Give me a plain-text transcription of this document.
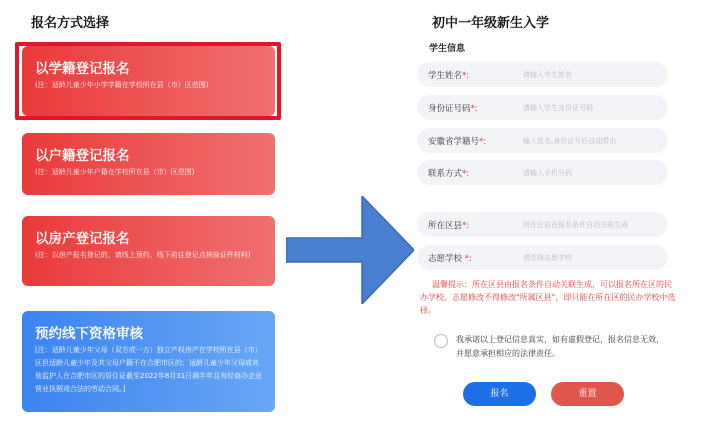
报名方式选择
以学籍登记报名
(注：适龄儿童少年小学学籍在学校所在县（市）区范围)
以户籍登记报名
(注：适龄儿童少年户籍在学校所在县（市）区范围)
以房产登记报名
(注：以房产报名登记的，请线上预约，线下前往登记点核验证件材料)
预约线下资格审核
[注：适龄儿童少年父母（双方或一方）独立产权房产在学校所在县（市）区但适龄儿童少年及其父母户籍不在合肥市区的；适龄儿童少年父母或其他监护人在合肥市区的居住证截至2022年8月31日满半年且有经商办企业营业执照或合法的劳动合同。]
初中一年级新生入学
学生信息
学生姓名*:	请输入学生姓名
身份证号码*:	请输入学生身份证号码
安徽省学籍号*:	输入姓名,身份证号后自动带出
联系方式*:	请输入手机号码
所在区县*:	所在区县由报名条件自动关联生成
志愿学校 *:	请选择志愿学校
温馨提示：所在区县由报名条件自动关联生成，可以报名所在区的民办学校。志愿修改不得修改"所属区县"，即只能在所在区的民办学校中选择。
我承诺以上登记信息真实，如有虚假登记，报名信息无效，并愿意承担相应的法律责任。
报名	重置
